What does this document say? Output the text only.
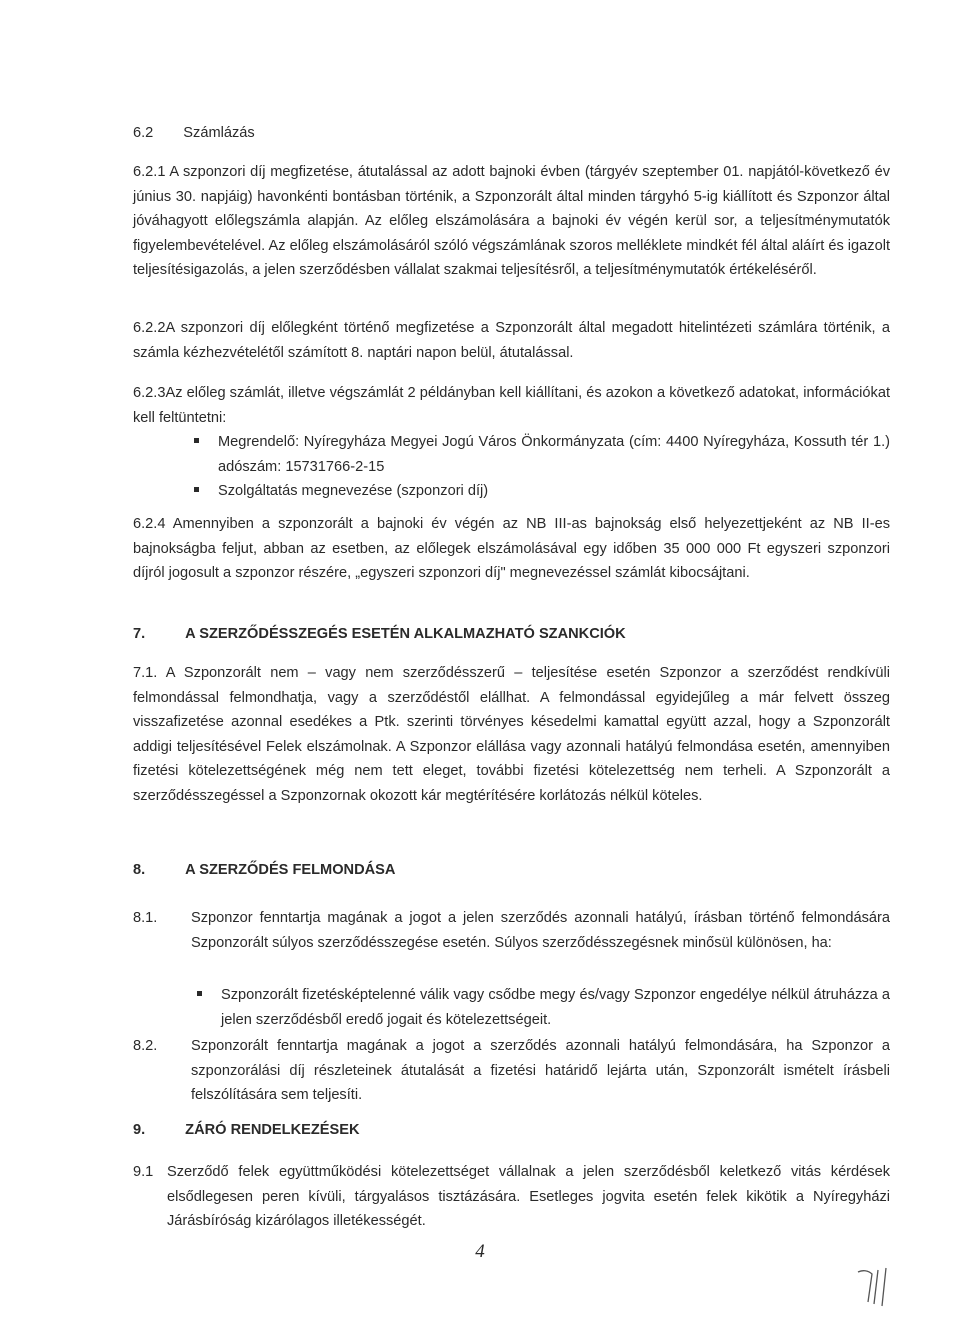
6.2 Számlázás

6.2.1 A szponzori díj megfizetése, átutalással az adott bajnoki évben (tárgyév szeptember 01. napjától-következő év június 30. napjáig) havonkénti bontásban történik, a Szponzorált által minden tárgyhó 5-ig kiállított és Szponzor által jóváhagyott előlegszámla alapján. Az előleg elszámolására a bajnoki év végén kerül sor, a teljesítménymutatók figyelembevételével. Az előleg elszámolásáról szóló végszámlának szoros melléklete mindkét fél által aláírt és igazolt teljesítésigazolás, a jelen szerződésben vállalat szakmai teljesítésről, a teljesítménymutatók értékeléséről.

6.2.2A szponzori díj előlegként történő megfizetése a Szponzorált által megadott hitelintézeti számlára történik, a számla kézhezvételétől számított 8. naptári napon belül, átutalással.

6.2.3Az előleg számlát, illetve végszámlát 2 példányban kell kiállítani, és azokon a következő adatokat, információkat kell feltüntetni:

Megrendelő: Nyíregyháza Megyei Jogú Város Önkormányzata (cím: 4400 Nyíregyháza, Kossuth tér 1.) adószám: 15731766-2-15
Szolgáltatás megnevezése (szponzori díj)

6.2.4 Amennyiben a szponzorált a bajnoki év végén az NB III-as bajnokság első helyezettjeként az NB II-es bajnokságba feljut, abban az esetben, az előlegek elszámolásával egy időben 35 000 000 Ft egyszeri szponzori díjról jogosult a szponzor részére, „egyszeri szponzori díj" megnevezéssel számlát kibocsájtani.

7.	A SZERZŐDÉSSZEGÉS ESETÉN ALKALMAZHATÓ SZANKCIÓK

7.1. A Szponzorált nem – vagy nem szerződésszerű – teljesítése esetén Szponzor a szerződést rendkívüli felmondással felmondhatja, vagy a szerződéstől elállhat. A felmondással egyidejűleg a már felvett összeg visszafizetése azonnal esedékes a Ptk. szerinti törvényes késedelmi kamattal együtt azzal, hogy a Szponzorált addigi teljesítésével Felek elszámolnak. A Szponzor elállása vagy azonnali hatályú felmondása esetén, amennyiben fizetési kötelezettségének még nem tett eleget, további fizetési kötelezettség nem terheli. A Szponzorált a szerződésszegéssel a Szponzornak okozott kár megtérítésére korlátozás nélkül köteles.

8.	A SZERZŐDÉS FELMONDÁSA
8.1. Szponzor fenntartja magának a jogot a jelen szerződés azonnali hatályú, írásban történő felmondására Szponzorált súlyos szerződésszegése esetén. Súlyos szerződésszegésnek minősül különösen, ha:

Szponzorált fizetésképtelenné válik vagy csődbe megy és/vagy Szponzor engedélye nélkül átruházza a jelen szerződésből eredő jogait és kötelezettségeit.
8.2. Szponzorált fenntartja magának a jogot a szerződés azonnali hatályú felmondására, ha Szponzor a szponzorálási díj részleteinek átutalását a fizetési határidő lejárta után, Szponzorált ismételt írásbeli felszólítására sem teljesíti.

9.	ZÁRÓ RENDELKEZÉSEK
9.1 Szerződő felek együttműködési kötelezettséget vállalnak a jelen szerződésből keletkező vitás kérdések elsődlegesen peren kívüli, tárgyalásos tisztázására. Esetleges jogvita esetén felek kikötik a Nyíregyházi Járásbíróság kizárólagos illetékességét.

4
